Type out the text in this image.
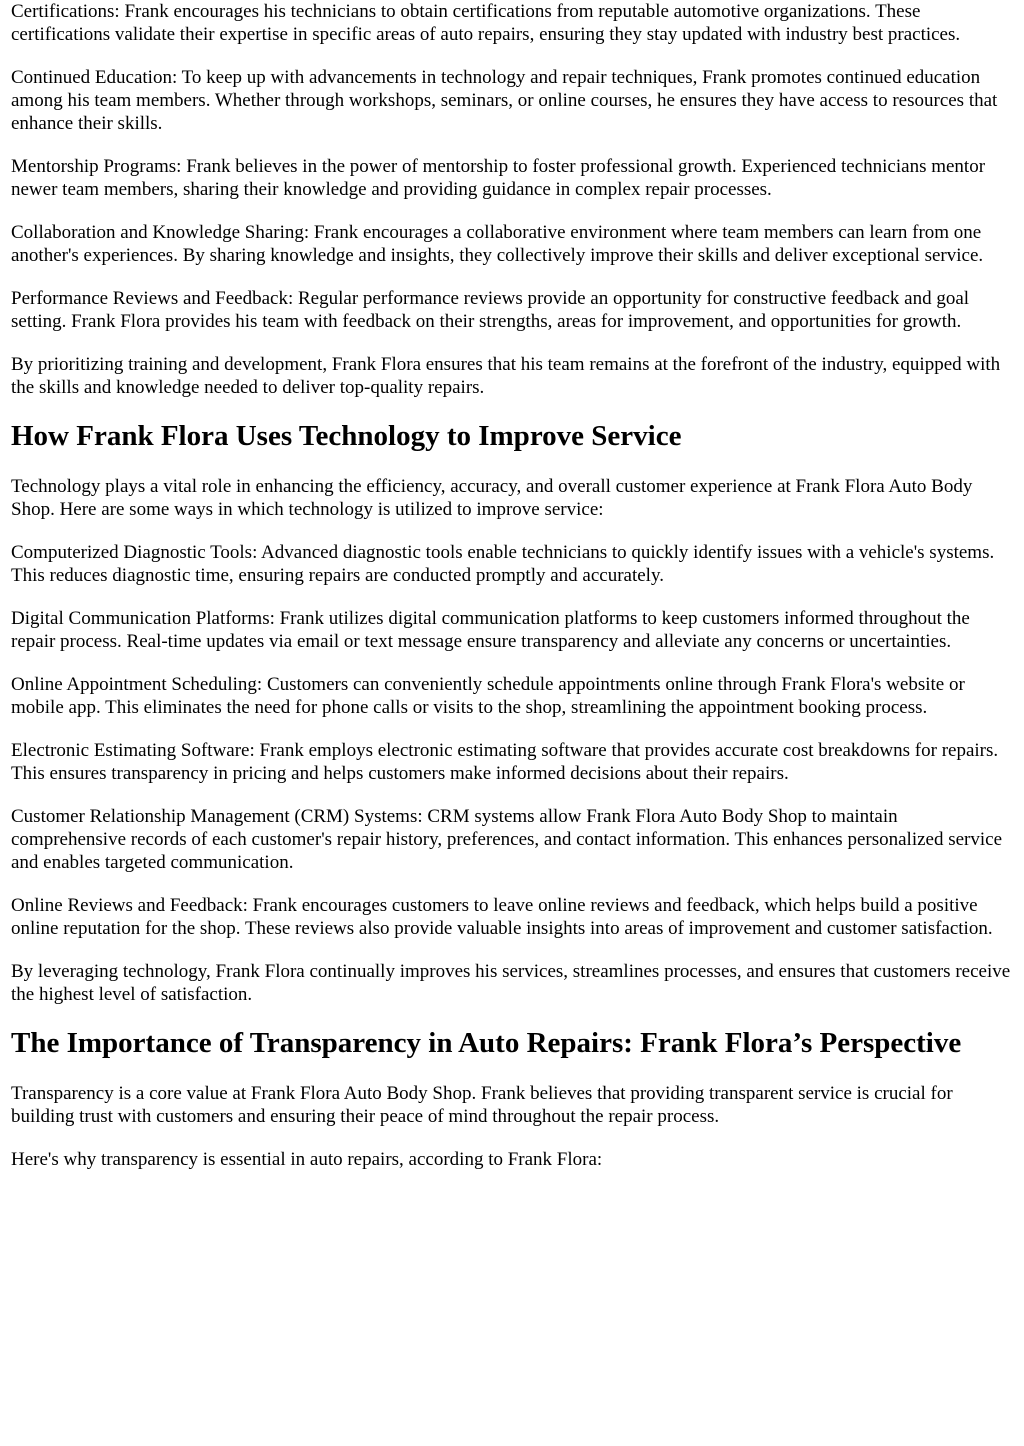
Certifications: Frank encourages his technicians to obtain certifications from reputable automotive organizations. These certifications validate their expertise in specific areas of auto repairs, ensuring they stay updated with industry best practices.

Continued Education: To keep up with advancements in technology and repair techniques, Frank promotes continued education among his team members. Whether through workshops, seminars, or online courses, he ensures they have access to resources that enhance their skills.

Mentorship Programs: Frank believes in the power of mentorship to foster professional growth. Experienced technicians mentor newer team members, sharing their knowledge and providing guidance in complex repair processes.

Collaboration and Knowledge Sharing: Frank encourages a collaborative environment where team members can learn from one another's experiences. By sharing knowledge and insights, they collectively improve their skills and deliver exceptional service.

Performance Reviews and Feedback: Regular performance reviews provide an opportunity for constructive feedback and goal setting. Frank Flora provides his team with feedback on their strengths, areas for improvement, and opportunities for growth.

By prioritizing training and development, Frank Flora ensures that his team remains at the forefront of the industry, equipped with the skills and knowledge needed to deliver top-quality repairs.

How Frank Flora Uses Technology to Improve Service

Technology plays a vital role in enhancing the efficiency, accuracy, and overall customer experience at Frank Flora Auto Body Shop. Here are some ways in which technology is utilized to improve service:

Computerized Diagnostic Tools: Advanced diagnostic tools enable technicians to quickly identify issues with a vehicle's systems. This reduces diagnostic time, ensuring repairs are conducted promptly and accurately.

Digital Communication Platforms: Frank utilizes digital communication platforms to keep customers informed throughout the repair process. Real-time updates via email or text message ensure transparency and alleviate any concerns or uncertainties.

Online Appointment Scheduling: Customers can conveniently schedule appointments online through Frank Flora's website or mobile app. This eliminates the need for phone calls or visits to the shop, streamlining the appointment booking process.

Electronic Estimating Software: Frank employs electronic estimating software that provides accurate cost breakdowns for repairs. This ensures transparency in pricing and helps customers make informed decisions about their repairs.

Customer Relationship Management (CRM) Systems: CRM systems allow Frank Flora Auto Body Shop to maintain comprehensive records of each customer's repair history, preferences, and contact information. This enhances personalized service and enables targeted communication.

Online Reviews and Feedback: Frank encourages customers to leave online reviews and feedback, which helps build a positive online reputation for the shop. These reviews also provide valuable insights into areas of improvement and customer satisfaction.

By leveraging technology, Frank Flora continually improves his services, streamlines processes, and ensures that customers receive the highest level of satisfaction.

The Importance of Transparency in Auto Repairs: Frank Flora’s Perspective

Transparency is a core value at Frank Flora Auto Body Shop. Frank believes that providing transparent service is crucial for building trust with customers and ensuring their peace of mind throughout the repair process.

Here's why transparency is essential in auto repairs, according to Frank Flora:
